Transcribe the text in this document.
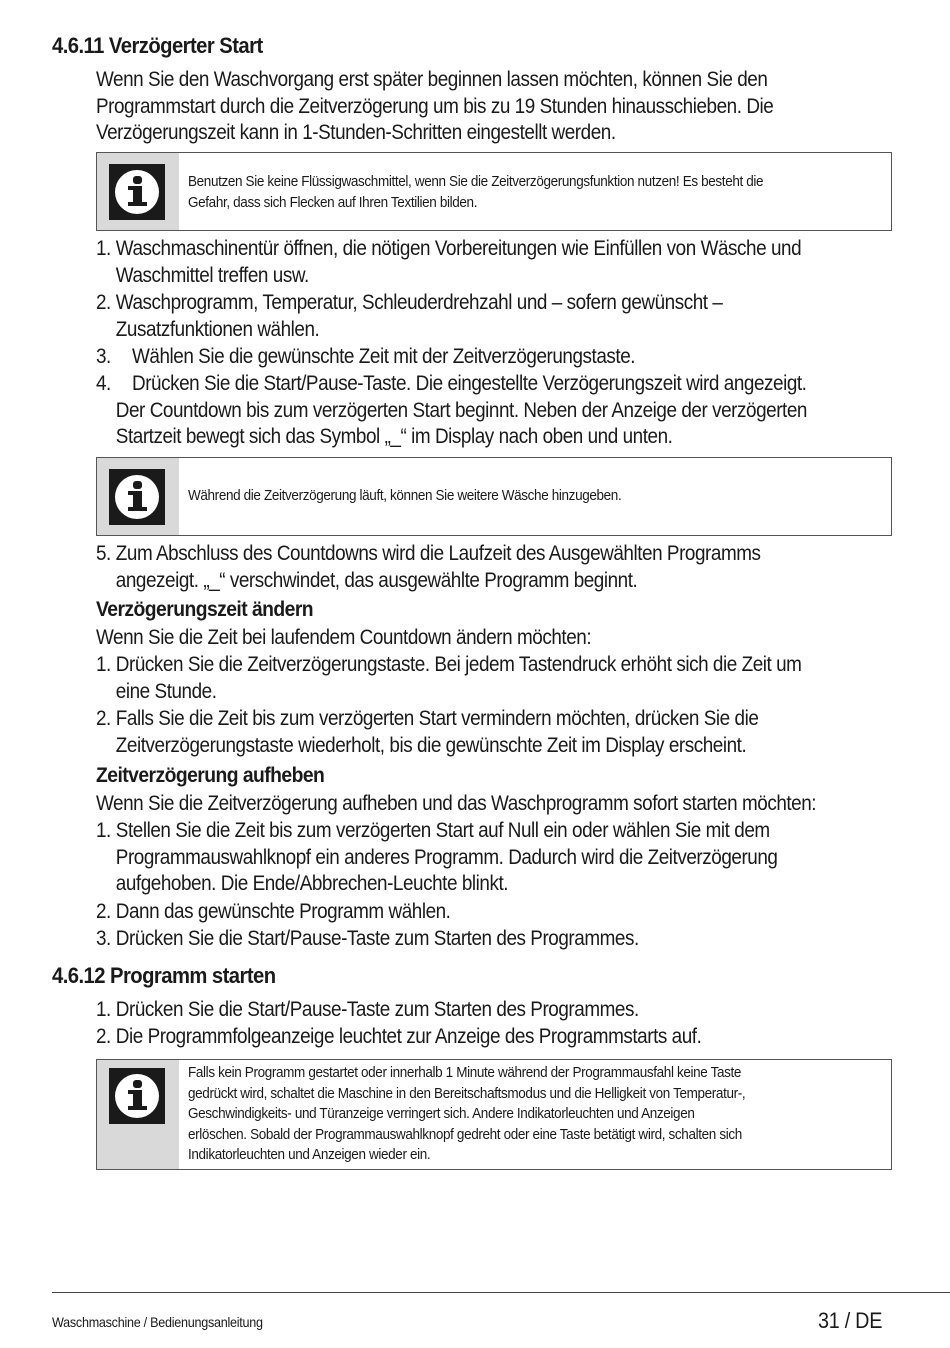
4.6.11 Verzögerter Start
Wenn Sie den Waschvorgang erst später beginnen lassen möchten, können Sie den
Programmstart durch die Zeitverzögerung um bis zu 19 Stunden hinausschieben. Die
Verzögerungszeit kann in 1-Stunden-Schritten eingestellt werden.
Benutzen Sie keine Flüssigwaschmittel, wenn Sie die Zeitverzögerungsfunktion nutzen! Es besteht die
Gefahr, dass sich Flecken auf Ihren Textilien bilden.
1. Waschmaschinentür öffnen, die nötigen Vorbereitungen wie Einfüllen von Wäsche und
Waschmittel treffen usw.
2. Waschprogramm, Temperatur, Schleuderdrehzahl und – sofern gewünscht –
Zusatzfunktionen wählen.
3. Wählen Sie die gewünschte Zeit mit der Zeitverzögerungstaste.
4. Drücken Sie die Start/Pause-Taste. Die eingestellte Verzögerungszeit wird angezeigt.
Der Countdown bis zum verzögerten Start beginnt. Neben der Anzeige der verzögerten
Startzeit bewegt sich das Symbol „_“ im Display nach oben und unten.
Während die Zeitverzögerung läuft, können Sie weitere Wäsche hinzugeben.
5. Zum Abschluss des Countdowns wird die Laufzeit des Ausgewählten Programms
angezeigt. „_“ verschwindet, das ausgewählte Programm beginnt.
Verzögerungszeit ändern
Wenn Sie die Zeit bei laufendem Countdown ändern möchten:
1. Drücken Sie die Zeitverzögerungstaste. Bei jedem Tastendruck erhöht sich die Zeit um
eine Stunde.
2. Falls Sie die Zeit bis zum verzögerten Start vermindern möchten, drücken Sie die
Zeitverzögerungstaste wiederholt, bis die gewünschte Zeit im Display erscheint.
Zeitverzögerung aufheben
Wenn Sie die Zeitverzögerung aufheben und das Waschprogramm sofort starten möchten:
1. Stellen Sie die Zeit bis zum verzögerten Start auf Null ein oder wählen Sie mit dem
Programmauswahlknopf ein anderes Programm. Dadurch wird die Zeitverzögerung
aufgehoben. Die Ende/Abbrechen-Leuchte blinkt.
2. Dann das gewünschte Programm wählen.
3. Drücken Sie die Start/Pause-Taste zum Starten des Programmes.
4.6.12 Programm starten
1. Drücken Sie die Start/Pause-Taste zum Starten des Programmes.
2. Die Programmfolgeanzeige leuchtet zur Anzeige des Programmstarts auf.
Falls kein Programm gestartet oder innerhalb 1 Minute während der Programmausfahl keine Taste
gedrückt wird, schaltet die Maschine in den Bereitschaftsmodus und die Helligkeit von Temperatur-,
Geschwindigkeits- und Türanzeige verringert sich. Andere Indikatorleuchten und Anzeigen
erlöschen. Sobald der Programmauswahlknopf gedreht oder eine Taste betätigt wird, schalten sich
Indikatorleuchten und Anzeigen wieder ein.
Waschmaschine / Bedienungsanleitung	31 / DE
